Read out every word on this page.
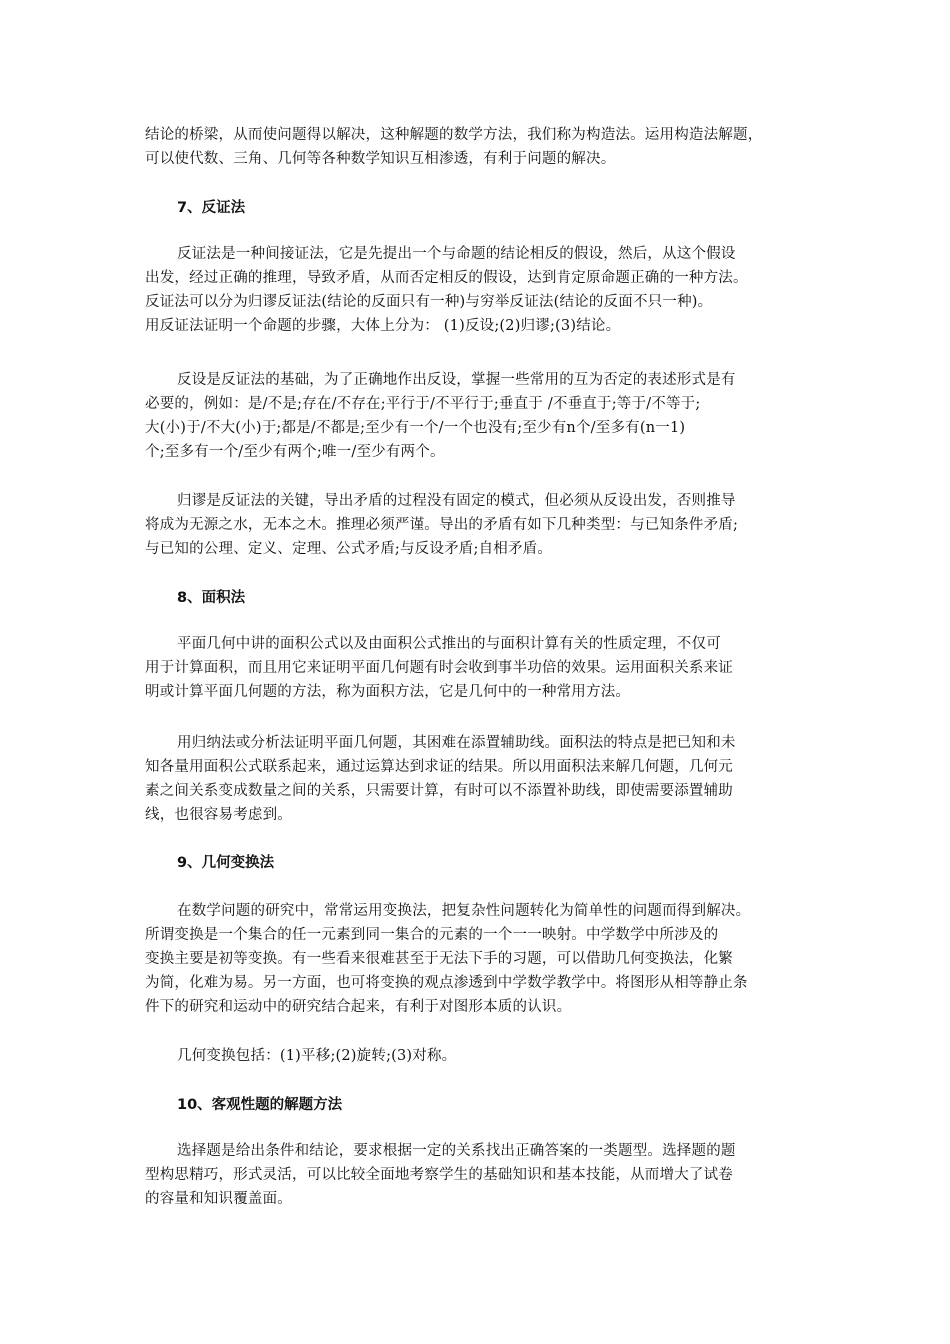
结论的桥梁，从而使问题得以解决，这种解题的数学方法，我们称为构造法。运用构造法解题，
可以使代数、三角、几何等各种数学知识互相渗透，有利于问题的解决。
7、反证法
反证法是一种间接证法，它是先提出一个与命题的结论相反的假设，然后，从这个假设
出发，经过正确的推理，导致矛盾，从而否定相反的假设，达到肯定原命题正确的一种方法。
反证法可以分为归谬反证法(结论的反面只有一种)与穷举反证法(结论的反面不只一种)。
用反证法证明一个命题的步骤，大体上分为： (1)反设;(2)归谬;(3)结论。
反设是反证法的基础，为了正确地作出反设，掌握一些常用的互为否定的表述形式是有
必要的，例如：是/不是;存在/不存在;平行于/不平行于;垂直于 /不垂直于;等于/不等于;
大(小)于/不大(小)于;都是/不都是;至少有一个/一个也没有;至少有n个/至多有(n一1)
个;至多有一个/至少有两个;唯一/至少有两个。
归谬是反证法的关键，导出矛盾的过程没有固定的模式，但必须从反设出发，否则推导
将成为无源之水，无本之木。推理必须严谨。导出的矛盾有如下几种类型：与已知条件矛盾;
与已知的公理、定义、定理、公式矛盾;与反设矛盾;自相矛盾。
8、面积法
平面几何中讲的面积公式以及由面积公式推出的与面积计算有关的性质定理，不仅可
用于计算面积，而且用它来证明平面几何题有时会收到事半功倍的效果。运用面积关系来证
明或计算平面几何题的方法，称为面积方法，它是几何中的一种常用方法。
用归纳法或分析法证明平面几何题，其困难在添置辅助线。面积法的特点是把已知和未
知各量用面积公式联系起来，通过运算达到求证的结果。所以用面积法来解几何题，几何元
素之间关系变成数量之间的关系，只需要计算，有时可以不添置补助线，即使需要添置辅助
线，也很容易考虑到。
9、几何变换法
在数学问题的研究中，常常运用变换法，把复杂性问题转化为简单性的问题而得到解决。
所谓变换是一个集合的任一元素到同一集合的元素的一个一一映射。中学数学中所涉及的
变换主要是初等变换。有一些看来很难甚至于无法下手的习题，可以借助几何变换法，化繁
为简，化难为易。另一方面，也可将变换的观点渗透到中学数学教学中。将图形从相等静止条
件下的研究和运动中的研究结合起来，有利于对图形本质的认识。
几何变换包括：(1)平移;(2)旋转;(3)对称。
10、客观性题的解题方法
选择题是给出条件和结论，要求根据一定的关系找出正确答案的一类题型。选择题的题
型构思精巧，形式灵活，可以比较全面地考察学生的基础知识和基本技能，从而增大了试卷
的容量和知识覆盖面。
